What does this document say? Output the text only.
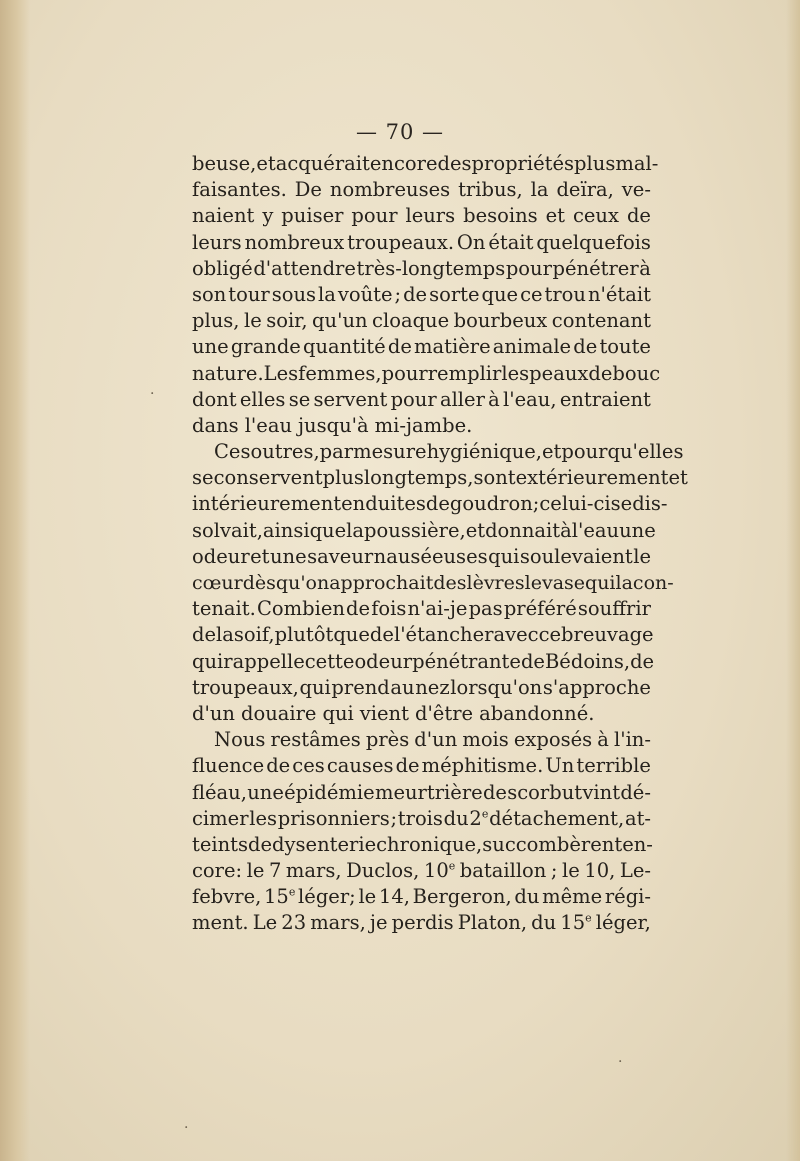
— 70 —
beuse, et acquérait encore des propriétés plus mal-
faisantes. De nombreuses tribus, la deïra, ve-
naient y puiser pour leurs besoins et ceux de
leurs nombreux troupeaux. On était quelquefois
obligé d'attendre très-longtemps pour pénétrer à
son tour sous la voûte ; de sorte que ce trou n'était
plus, le soir, qu'un cloaque bourbeux contenant
une grande quantité de matière animale de toute
nature. Les femmes, pour remplir les peaux de bouc
dont elles se servent pour aller à l'eau, entraient
dans l'eau jusqu'à mi-jambe.
Ces outres, par mesure hygiénique, et pour qu'elles
se conservent plus longtemps, sont extérieurement et
intérieurement enduites de goudron; celui-ci se dis-
solvait, ainsi que la poussière, et donnait à l'eau une
odeur et une saveur nauséeuses qui soulevaient le
cœur dès qu'on approchait des lèvres le vase qui la con-
tenait. Combien de fois n'ai-je pas préféré souffrir
de la soif, plutôt que de l'étancher avec ce breuvage
qui rappelle cette odeur pénétrante de Bédoins, de
troupeaux, qui prend au nez lorsqu'on s'approche
d'un douaire qui vient d'être abandonné.
Nous restâmes près d'un mois exposés à l'in-
fluence de ces causes de méphitisme. Un terrible
fléau, une épidémie meurtrière de scorbut vint dé-
cimer les prisonniers ; trois du 2e détachement, at-
teints de dysenterie chronique, succombèrent en-
core: le 7 mars, Duclos, 10e bataillon ; le 10, Le-
febvre, 15e léger; le 14, Bergeron, du même régi-
ment. Le 23 mars, je perdis Platon, du 15e léger,
·
·
·
